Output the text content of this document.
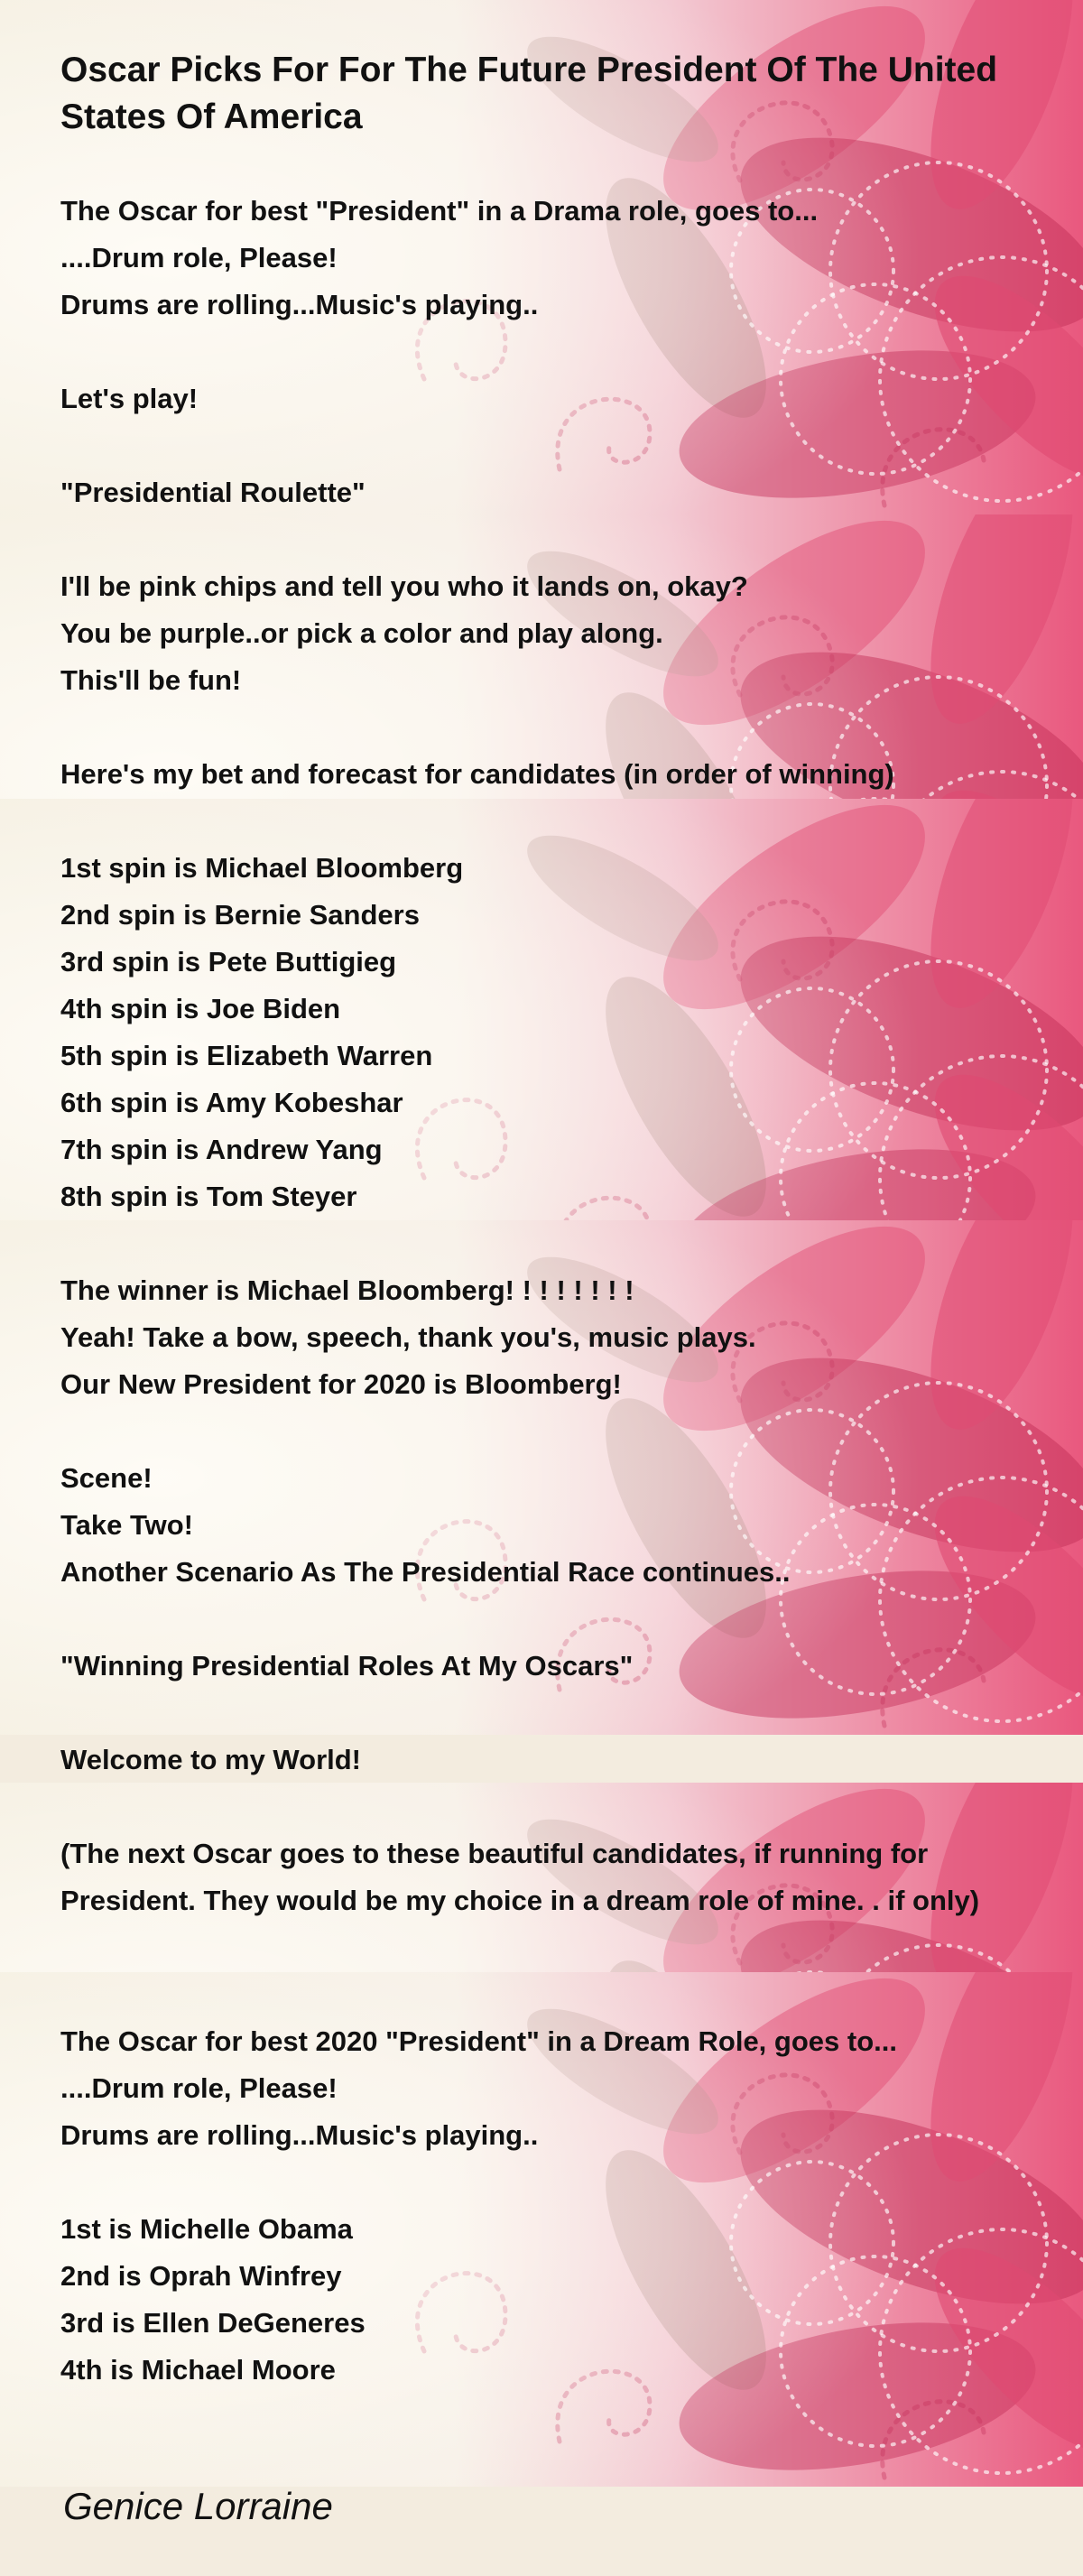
Oscar Picks For For The Future President Of The United States Of America
The Oscar for best "President" in a Drama role, goes to...
....Drum role, Please!
Drums are rolling...Music's playing..
Let's play!
"Presidential Roulette"
I'll be pink chips and tell you who it lands on, okay?
You be purple..or pick a color and play along.
This'll be fun!
Here's my bet and forecast for candidates (in order of winning)
1st spin is Michael Bloomberg
2nd spin is Bernie Sanders
3rd spin is Pete Buttigieg
4th spin is Joe Biden
5th spin is Elizabeth Warren
6th spin is Amy Kobeshar
7th spin is Andrew Yang
8th spin is Tom Steyer
The winner is Michael Bloomberg! ! ! ! ! ! ! !
Yeah! Take a bow, speech, thank you's, music plays.
Our New President for 2020 is Bloomberg!
Scene!
Take Two!
Another Scenario As The Presidential Race continues..
"Winning Presidential Roles At My Oscars"
Welcome to my World!
(The next Oscar goes to these beautiful candidates, if running for President. They would be my choice in a dream role of mine. . if only)
The Oscar for best 2020 "President" in a Dream Role, goes to...
....Drum role, Please!
Drums are rolling...Music's playing..
1st is Michelle Obama
2nd is Oprah Winfrey
3rd is Ellen DeGeneres
4th is Michael Moore
Genice Lorraine
